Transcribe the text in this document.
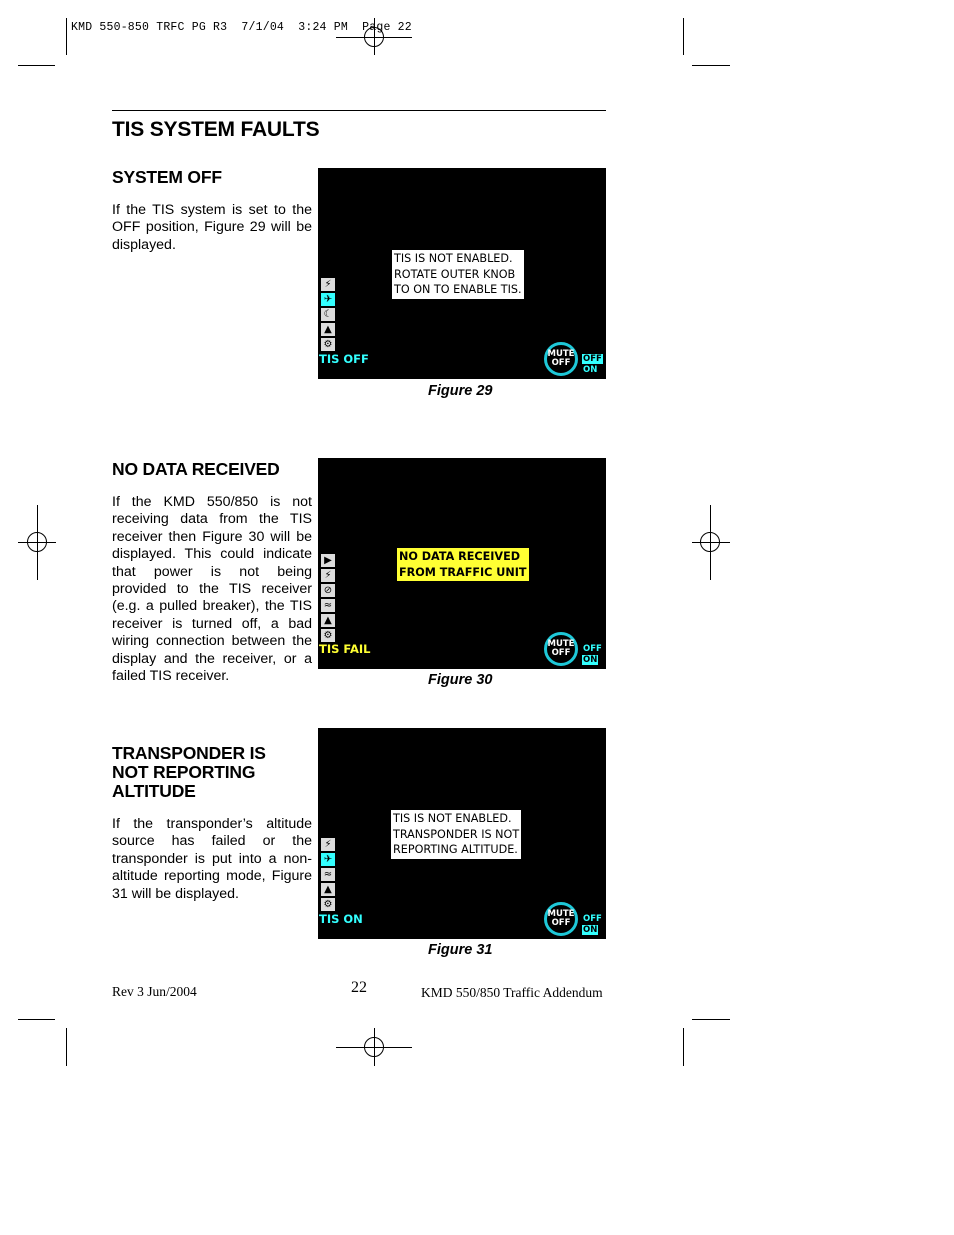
KMD 550-850 TRFC PG R3  7/1/04  3:24 PM  Page 22
TIS SYSTEM FAULTS
SYSTEM OFF
If the TIS system is set to the OFF position, Figure 29 will be displayed.
TIS IS NOT ENABLED.
ROTATE OUTER KNOB
TO ON TO ENABLE TIS.
⚡
✈
☾
▲
⚙
TIS OFF	MUTE
OFF	OFF
ON
Figure 29
NO DATA RECEIVED
If the KMD 550/850 is not receiving data from the TIS receiver then Figure 30 will be displayed. This could indicate that power is not being provided to the TIS receiver (e.g. a pulled breaker), the TIS receiver is turned off, a bad wiring connection between the display and the receiver, or a failed TIS receiver.
NO DATA RECEIVED
FROM TRAFFIC UNIT
▶
⚡
⊘
≈
▲
⚙
TIS FAIL	MUTE
OFF	OFF
ON
Figure 30
TRANSPONDER IS NOT REPORTING ALTITUDE
If the transponder’s altitude source has failed or the transponder is put into a non-altitude reporting mode, Figure 31 will be displayed.
TIS IS NOT ENABLED.
TRANSPONDER IS NOT
REPORTING ALTITUDE.
⚡
✈
≈
▲
⚙
TIS ON	MUTE
OFF	OFF
ON
Figure 31
Rev 3 Jun/2004	22	KMD 550/850 Traffic Addendum
